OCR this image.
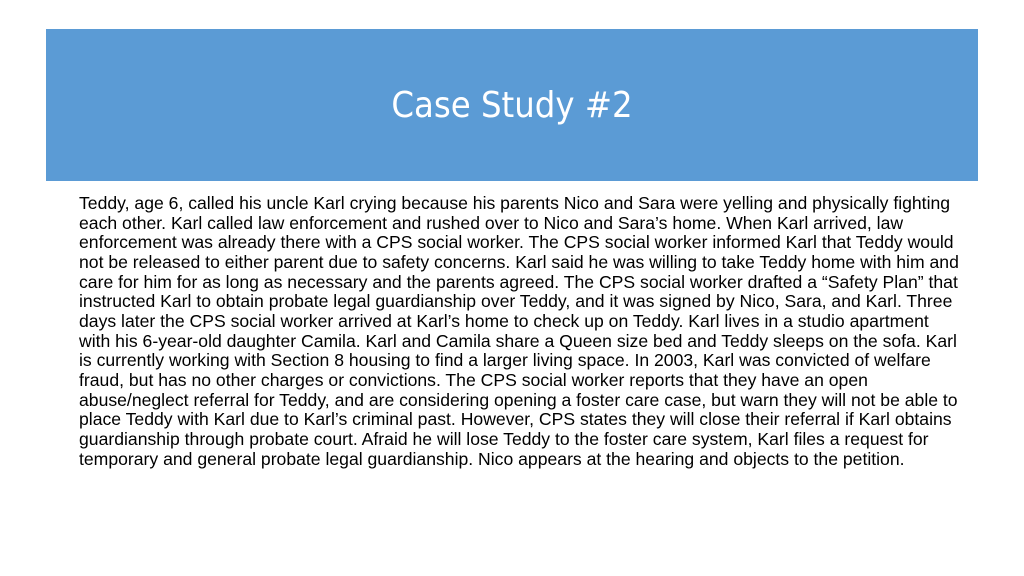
Case Study #2

Teddy, age 6, called his uncle Karl crying because his parents Nico and Sara were yelling and physically fighting each other. Karl called law enforcement and rushed over to Nico and Sara’s home. When Karl arrived, law enforcement was already there with a CPS social worker. The CPS social worker informed Karl that Teddy would not be released to either parent due to safety concerns. Karl said he was willing to take Teddy home with him and care for him for as long as necessary and the parents agreed. The CPS social worker drafted a “Safety Plan” that instructed Karl to obtain probate legal guardianship over Teddy, and it was signed by Nico, Sara, and Karl. Three days later the CPS social worker arrived at Karl’s home to check up on Teddy. Karl lives in a studio apartment with his 6-year-old daughter Camila. Karl and Camila share a Queen size bed and Teddy sleeps on the sofa. Karl is currently working with Section 8 housing to find a larger living space. In 2003, Karl was convicted of welfare fraud, but has no other charges or convictions. The CPS social worker reports that they have an open abuse/neglect referral for Teddy, and are considering opening a foster care case, but warn they will not be able to place Teddy with Karl due to Karl’s criminal past. However, CPS states they will close their referral if Karl obtains guardianship through probate court. Afraid he will lose Teddy to the foster care system, Karl files a request for temporary and general probate legal guardianship. Nico appears at the hearing and objects to the petition.
